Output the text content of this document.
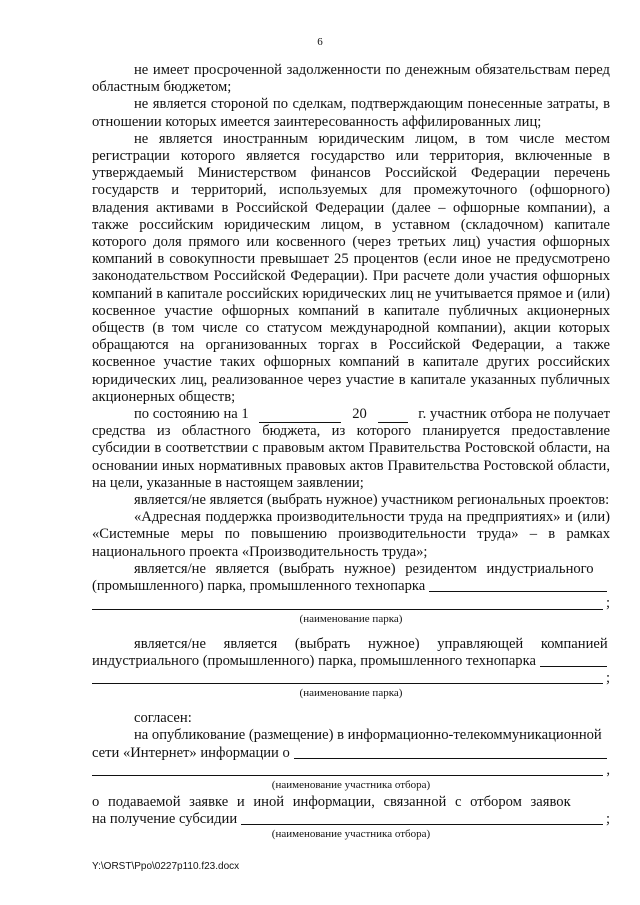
6

не имеет просроченной задолженности по денежным обязательствам перед областным бюджетом;

не является стороной по сделкам, подтверждающим понесенные затраты, в отношении которых имеется заинтересованность аффилированных лиц;

не является иностранным юридическим лицом, в том числе местом регистрации которого является государство или территория, включенные в утверждаемый Министерством финансов Российской Федерации перечень государств и территорий, используемых для промежуточного (офшорного) владения активами в Российской Федерации (далее – офшорные компании), а также российским юридическим лицом, в уставном (складочном) капитале которого доля прямого или косвенного (через третьих лиц) участия офшорных компаний в совокупности превышает 25 процентов (если иное не предусмотрено законодательством Российской Федерации). При расчете доли участия офшорных компаний в капитале российских юридических лиц не учитывается прямое и (или) косвенное участие офшорных компаний в капитале публичных акционерных обществ (в том числе со статусом международной компании), акции которых обращаются на организованных торгах в Российской Федерации, а также косвенное участие таких офшорных компаний в капитале других российских юридических лиц, реализованное через участие в капитале указанных публичных акционерных обществ;

по состоянию на 1	20	г. участник отбора не получает

средства из областного бюджета, из которого планируется предоставление субсидии в соответствии с правовым актом Правительства Ростовской области, на основании иных нормативных правовых актов Правительства Ростовской области, на цели, указанные в настоящем заявлении;

является/не является (выбрать нужное) участником региональных проектов:

«Адресная поддержка производительности труда на предприятиях» и (или) «Системные меры по повышению производительности труда» – в рамках национального проекта «Производительность труда»;

является/не является (выбрать нужное) резидентом индустриального
(промышленного) парка, промышленного технопарка
;
(наименование парка)
является/не является (выбрать нужное) управляющей компанией
индустриального (промышленного) парка, промышленного технопарка
;
(наименование парка)
согласен:
на опубликование (размещение) в информационно-телекоммуникационной
сети «Интернет» информации о
,
(наименование участника отбора)
о подаваемой заявке и иной информации, связанной с отбором заявок
на получение субсидии	;
(наименование участника отбора)
Y:\ORST\Ppo\0227p110.f23.docx
